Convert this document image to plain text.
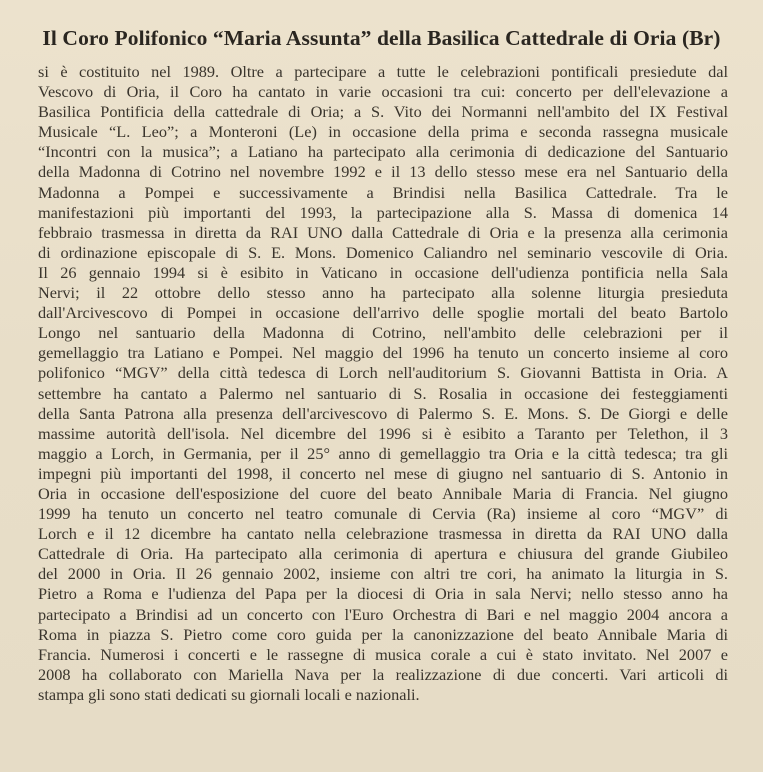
Il Coro Polifonico “Maria Assunta” della Basilica Cattedrale di Oria (Br)
si è costituito nel 1989. Oltre a partecipare a tutte le celebrazioni pontificali presiedute dal
Vescovo di Oria, il Coro ha cantato in varie occasioni tra cui: concerto per dell'elevazione a
Basilica Pontificia della cattedrale di Oria; a S. Vito dei Normanni nell'ambito del IX Festival
Musicale “L. Leo”; a Monteroni (Le) in occasione della prima e seconda rassegna musicale
“Incontri con la musica”; a Latiano ha partecipato alla cerimonia di dedicazione del Santuario
della Madonna di Cotrino nel novembre 1992 e il 13 dello stesso mese era nel Santuario della
Madonna a Pompei e successivamente a Brindisi nella Basilica Cattedrale. Tra le
manifestazioni più importanti del 1993, la partecipazione alla S. Massa di domenica 14
febbraio trasmessa in diretta da RAI UNO dalla Cattedrale di Oria e la presenza alla cerimonia
di ordinazione episcopale di S. E. Mons. Domenico Caliandro nel seminario vescovile di Oria.
Il 26 gennaio 1994 si è esibito in Vaticano in occasione dell'udienza pontificia nella Sala
Nervi; il 22 ottobre dello stesso anno ha partecipato alla solenne liturgia presieduta
dall'Arcivescovo di Pompei in occasione dell'arrivo delle spoglie mortali del beato Bartolo
Longo nel santuario della Madonna di Cotrino, nell'ambito delle celebrazioni per il
gemellaggio tra Latiano e Pompei. Nel maggio del 1996 ha tenuto un concerto insieme al coro
polifonico “MGV” della città tedesca di Lorch nell'auditorium S. Giovanni Battista in Oria. A
settembre ha cantato a Palermo nel santuario di S. Rosalia in occasione dei festeggiamenti
della Santa Patrona alla presenza dell'arcivescovo di Palermo S. E. Mons. S. De Giorgi e delle
massime autorità dell'isola. Nel dicembre del 1996 si è esibito a Taranto per Telethon, il 3
maggio a Lorch, in Germania, per il 25° anno di gemellaggio tra Oria e la città tedesca; tra gli
impegni più importanti del 1998, il concerto nel mese di giugno nel santuario di S. Antonio in
Oria in occasione dell'esposizione del cuore del beato Annibale Maria di Francia. Nel giugno
1999 ha tenuto un concerto nel teatro comunale di Cervia (Ra) insieme al coro “MGV” di
Lorch e il 12 dicembre ha cantato nella celebrazione trasmessa in diretta da RAI UNO dalla
Cattedrale di Oria. Ha partecipato alla cerimonia di apertura e chiusura del grande Giubileo
del 2000 in Oria. Il 26 gennaio 2002, insieme con altri tre cori, ha animato la liturgia in S.
Pietro a Roma e l'udienza del Papa per la diocesi di Oria in sala Nervi; nello stesso anno ha
partecipato a Brindisi ad un concerto con l'Euro Orchestra di Bari e nel maggio 2004 ancora a
Roma in piazza S. Pietro come coro guida per la canonizzazione del beato Annibale Maria di
Francia. Numerosi i concerti e le rassegne di musica corale a cui è stato invitato. Nel 2007 e
2008 ha collaborato con Mariella Nava per la realizzazione di due concerti. Vari articoli di
stampa gli sono stati dedicati su giornali locali e nazionali.
